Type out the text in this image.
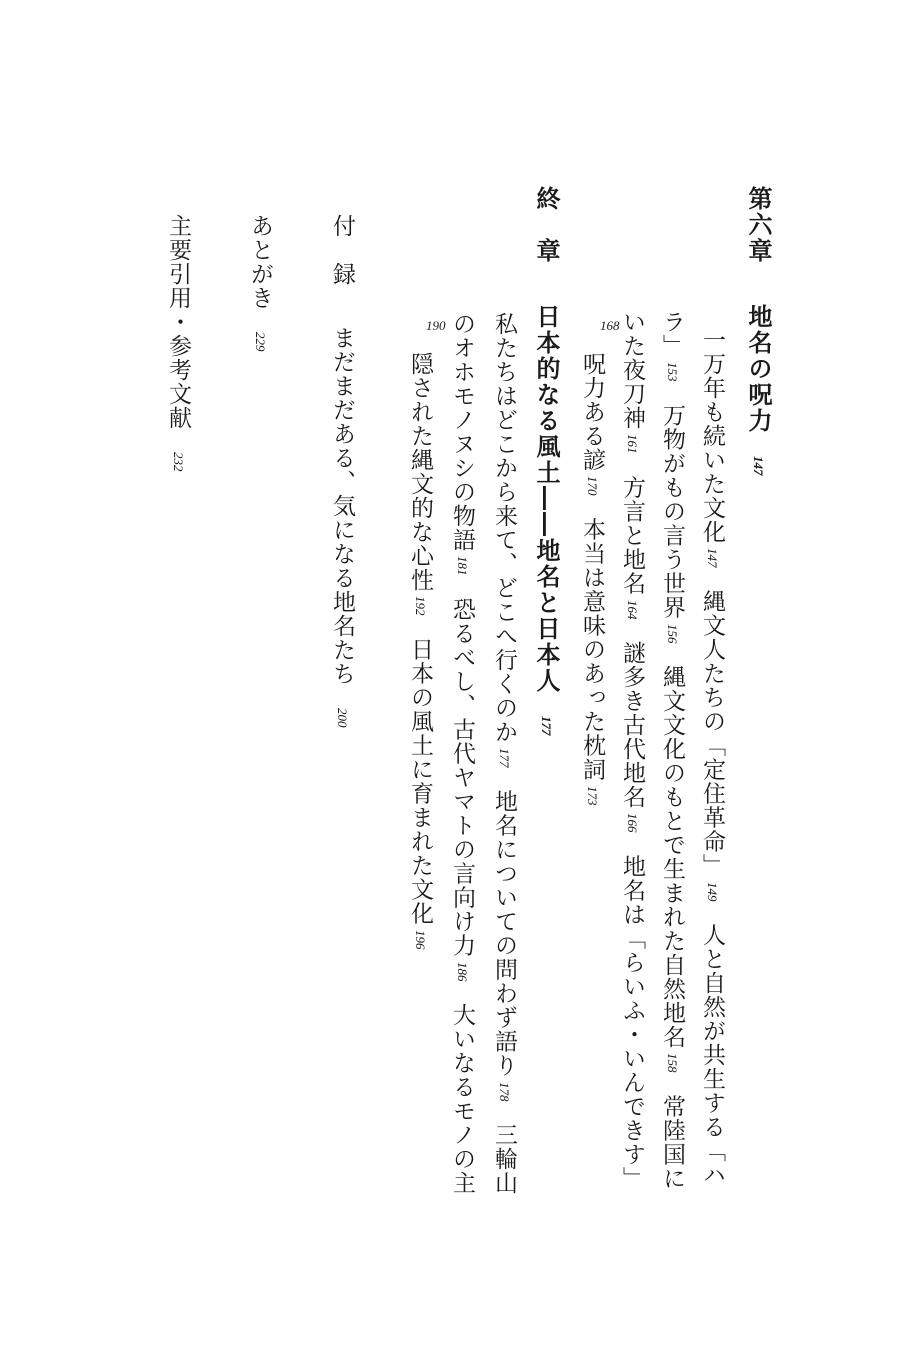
第六章地名の呪力147
一万年も続いた文化147縄文人たちの「定住革命」149人と自然が共生する「ハ
ラ」153万物がもの言う世界156縄文文化のもとで生まれた自然地名158常陸国に
いた夜刀神161方言と地名164謎多き古代地名166地名は「らいふ・いんできす」
168
呪力ある諺170本当は意味のあった枕詞173
終　章日本的なる風土――地名と日本人177
私たちはどこから来て、どこへ行くのか177地名についての問わず語り178三輪山
のオホモノヌシの物語181恐るべし、古代ヤマトの言向け力186大いなるモノの主
190
隠された縄文的な心性192日本の風土に育まれた文化196
付　録まだまだある、気になる地名たち200
あとがき229
主要引用・参考文献232
